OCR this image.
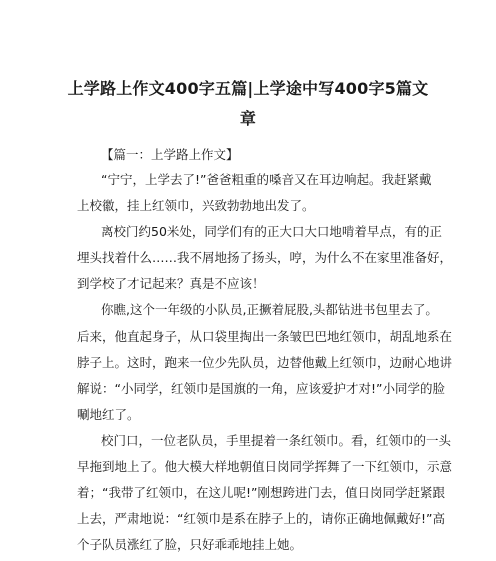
上学路上作文400字五篇|上学途中写400字5篇文
章
【篇一：上学路上作文】
“宁宁，上学去了!”爸爸粗重的嗓音又在耳边响起。我赶紧戴
上校徽，挂上红领巾，兴致勃勃地出发了。
离校门约50米处，同学们有的正大口大口地啃着早点，有的正
埋头找着什么……我不屑地扬了扬头，哼，为什么不在家里准备好，
到学校了才记起来？真是不应该！
你瞧,这个一年级的小队员,正撅着屁股,头都钻进书包里去了。
后来，他直起身子，从口袋里掏出一条皱巴巴地红领巾，胡乱地系在
脖子上。这时，跑来一位少先队员，边替他戴上红领巾，边耐心地讲
解说：“小同学，红领巾是国旗的一角，应该爱护才对!”小同学的脸
唰地红了。
校门口，一位老队员，手里提着一条红领巾。看，红领巾的一头
早拖到地上了。他大模大样地朝值日岗同学挥舞了一下红领巾，示意
着；“我带了红领巾，在这儿呢!”刚想跨进门去，值日岗同学赶紧跟
上去，严肃地说：“红领巾是系在脖子上的，请你正确地佩戴好!”高
个子队员涨红了脸，只好乖乖地挂上她。
